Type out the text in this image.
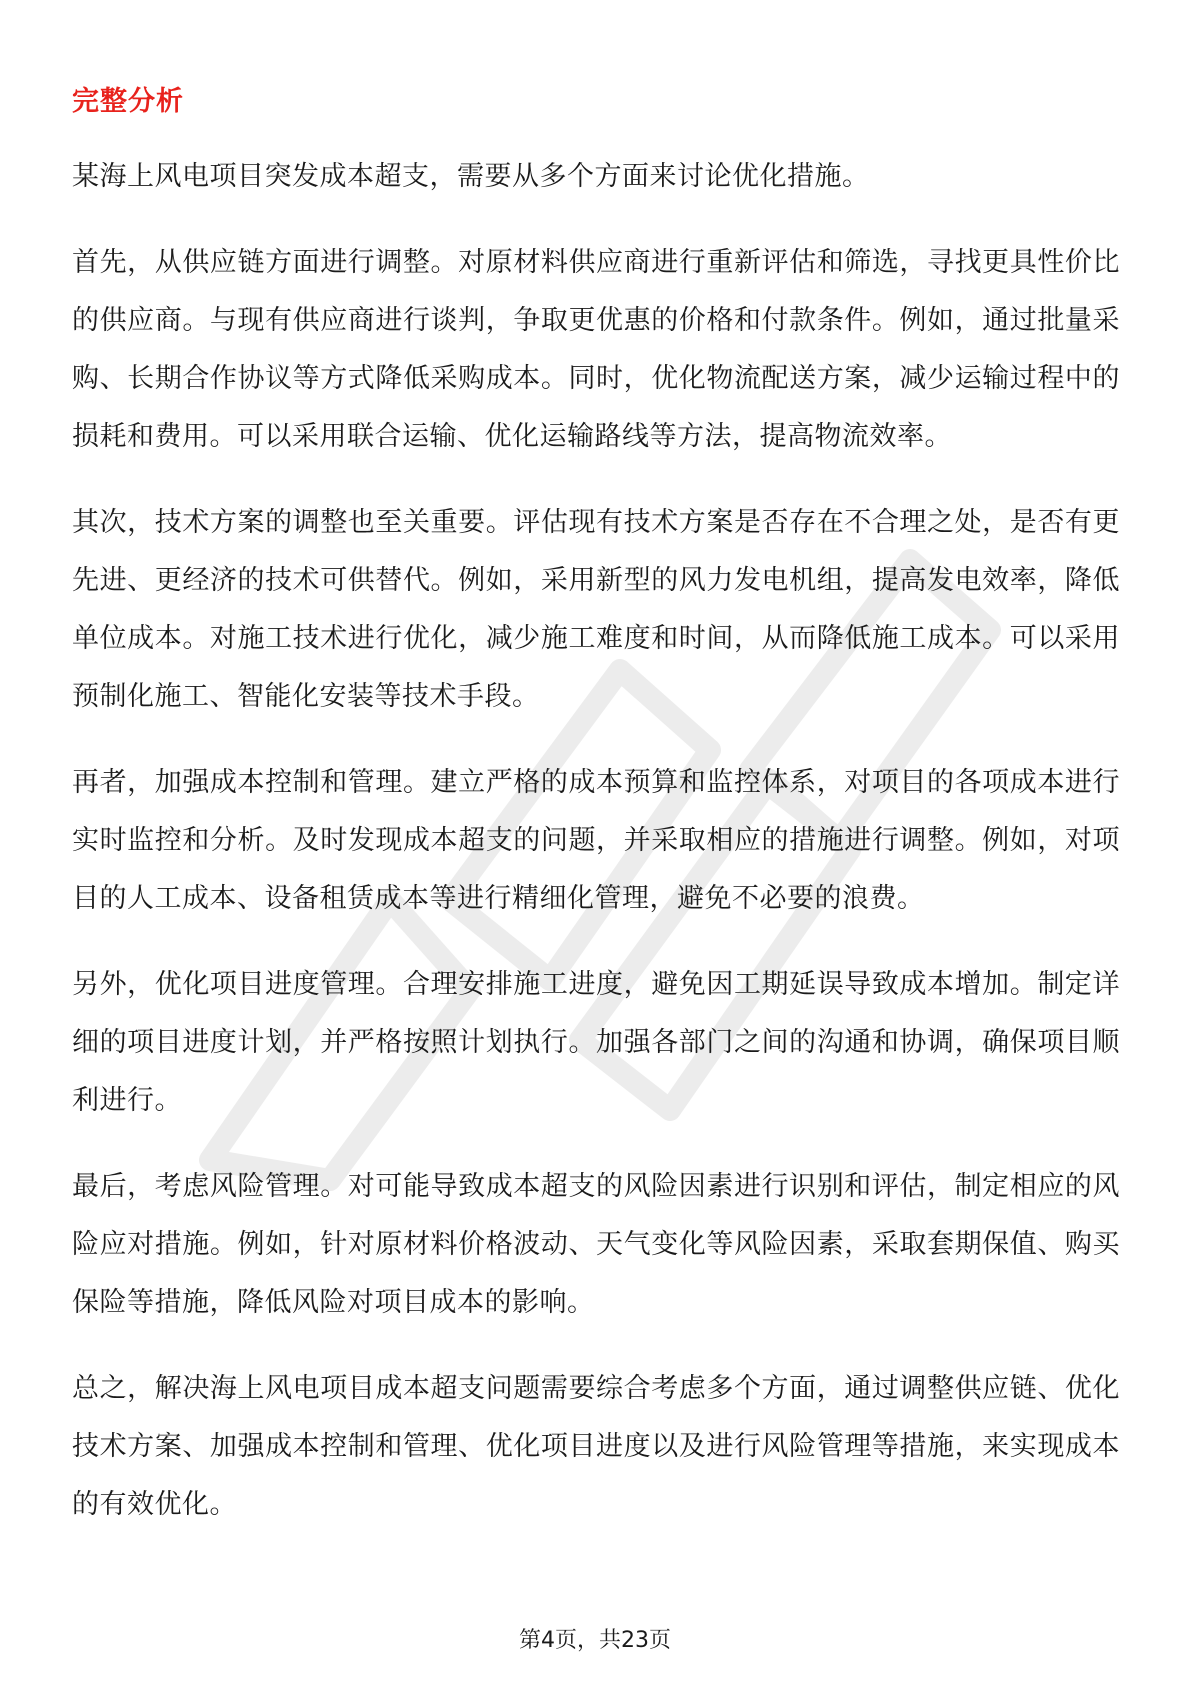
完整分析

某海上风电项目突发成本超支，需要从多个方面来讨论优化措施。

首先，从供应链方面进行调整。对原材料供应商进行重新评估和筛选，寻找更具性价比的供应商。与现有供应商进行谈判，争取更优惠的价格和付款条件。例如，通过批量采购、长期合作协议等方式降低采购成本。同时，优化物流配送方案，减少运输过程中的损耗和费用。可以采用联合运输、优化运输路线等方法，提高物流效率。

其次，技术方案的调整也至关重要。评估现有技术方案是否存在不合理之处，是否有更先进、更经济的技术可供替代。例如，采用新型的风力发电机组，提高发电效率，降低单位成本。对施工技术进行优化，减少施工难度和时间，从而降低施工成本。可以采用预制化施工、智能化安装等技术手段。

再者，加强成本控制和管理。建立严格的成本预算和监控体系，对项目的各项成本进行实时监控和分析。及时发现成本超支的问题，并采取相应的措施进行调整。例如，对项目的人工成本、设备租赁成本等进行精细化管理，避免不必要的浪费。

另外，优化项目进度管理。合理安排施工进度，避免因工期延误导致成本增加。制定详细的项目进度计划，并严格按照计划执行。加强各部门之间的沟通和协调，确保项目顺利进行。

最后，考虑风险管理。对可能导致成本超支的风险因素进行识别和评估，制定相应的风险应对措施。例如，针对原材料价格波动、天气变化等风险因素，采取套期保值、购买保险等措施，降低风险对项目成本的影响。

总之，解决海上风电项目成本超支问题需要综合考虑多个方面，通过调整供应链、优化技术方案、加强成本控制和管理、优化项目进度以及进行风险管理等措施，来实现成本的有效优化。

第4页，共23页
